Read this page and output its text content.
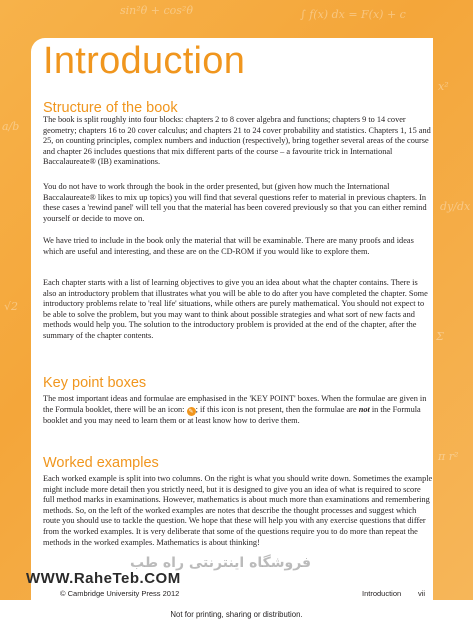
∫ f(x) dx = F(x) + c
sin²θ + cos²θ
x²
dy/dx
Σ
π r²
a/b
√2
Introduction
Structure of the book

The book is split roughly into four blocks: chapters 2 to 8 cover algebra and functions; chapters 9 to 14 cover geometry; chapters 16 to 20 cover calculus; and chapters 21 to 24 cover probability and statistics. Chapters 1, 15 and 25, on counting principles, complex numbers and induction (respectively), bring together several areas of the course and chapter 26 includes questions that mix different parts of the course – a favourite trick in International Baccalaureate® (IB) examinations.

You do not have to work through the book in the order presented, but (given how much the International Baccalaureate® likes to mix up topics) you will find that several questions refer to material in previous chapters. In these cases a 'rewind panel' will tell you that the material has been covered previously so that you can either remind yourself or decide to move on.

We have tried to include in the book only the material that will be examinable. There are many proofs and ideas which are useful and interesting, and these are on the CD-ROM if you would like to explore them.

Each chapter starts with a list of learning objectives to give you an idea about what the chapter contains. There is also an introductory problem that illustrates what you will be able to do after you have completed the chapter. Some introductory problems relate to 'real life' situations, while others are purely mathematical. You should not expect to be able to solve the problem, but you may want to think about possible strategies and what sort of new facts and methods would help you. The solution to the introductory problem is provided at the end of the chapter, after the summary of the chapter contents.

Key point boxes

The most important ideas and formulae are emphasised in the 'KEY POINT' boxes. When the formulae are given in the Formula booklet, there will be an icon: ✎ ; if this icon is not present, then the formulae are not in the Formula booklet and you may need to learn them or at least know how to derive them.

Worked examples

Each worked example is split into two columns. On the right is what you should write down. Sometimes the example might include more detail then you strictly need, but it is designed to give you an idea of what is required to score full method marks in examinations. However, mathematics is about much more than examinations and remembering methods. So, on the left of the worked examples are notes that describe the thought processes and suggest which route you should use to tackle the question. We hope that these will help you with any exercise questions that differ from the worked examples. It is very deliberate that some of the questions require you to do more than repeat the methods in the worked examples. Mathematics is about thinking!

فروشگاه اینترنتی راه طب
WWW.RaheTeb.COM
© Cambridge University Press 2012	Introduction vii
Not for printing, sharing or distribution.
